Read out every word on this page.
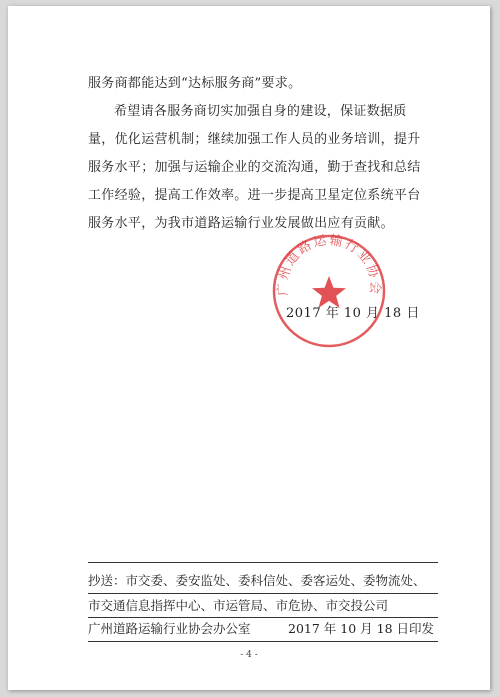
服务商都能达到“达标服务商”要求。

希望请各服务商切实加强自身的建设，保证数据质量，优化运营机制；继续加强工作人员的业务培训，提升服务水平；加强与运输企业的交流沟通，勤于查找和总结工作经验，提高工作效率。进一步提高卫星定位系统平台服务水平，为我市道路运输行业发展做出应有贡献。

广州道路运输行业协会
2017 年 10 月 18 日
抄送：市交委、委安监处、委科信处、委客运处、委物流处、
市交通信息指挥中心、市运管局、市危协、市交投公司
广州道路运输行业协会办公室	2017 年 10 月 18 日印发
- 4 -
